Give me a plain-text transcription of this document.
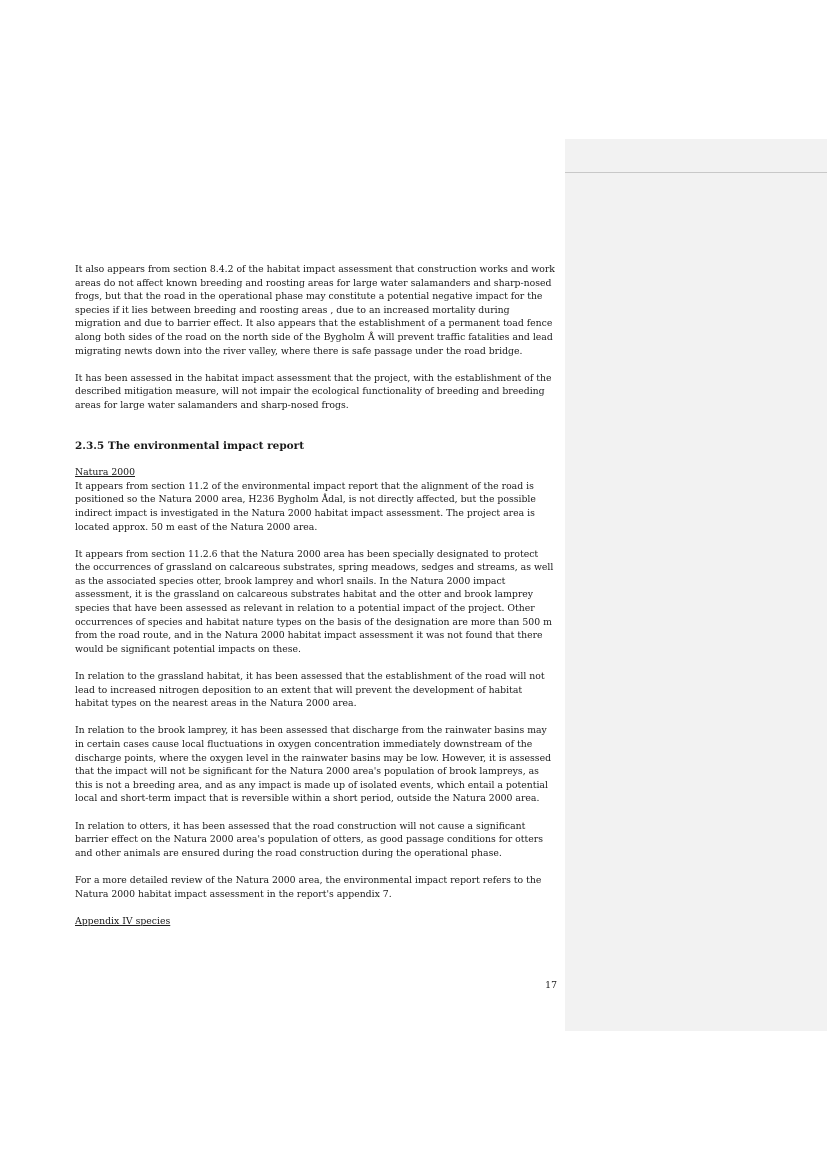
It also appears from section 8.4.2 of the habitat impact assessment that construction works and work areas do not affect known breeding and roosting areas for large water salamanders and sharp-nosed frogs, but that the road in the operational phase may constitute a potential negative impact for the species if it lies between breeding and roosting areas , due to an increased mortality during migration and due to barrier effect. It also appears that the establishment of a permanent toad fence along both sides of the road on the north side of the Bygholm Å will prevent traffic fatalities and lead migrating newts down into the river valley, where there is safe passage under the road bridge.

It has been assessed in the habitat impact assessment that the project, with the establishment of the described mitigation measure, will not impair the ecological functionality of breeding and breeding areas for large water salamanders and sharp-nosed frogs.

2.3.5 The environmental impact report

Natura 2000
It appears from section 11.2 of the environmental impact report that the alignment of the road is positioned so the Natura 2000 area, H236 Bygholm Ådal, is not directly affected, but the possible indirect impact is investigated in the Natura 2000 habitat impact assessment. The project area is located approx. 50 m east of the Natura 2000 area.

It appears from section 11.2.6 that the Natura 2000 area has been specially designated to protect the occurrences of grassland on calcareous substrates, spring meadows, sedges and streams, as well as the associated species otter, brook lamprey and whorl snails. In the Natura 2000 impact assessment, it is the grassland on calcareous substrates habitat and the otter and brook lamprey species that have been assessed as relevant in relation to a potential impact of the project. Other occurrences of species and habitat nature types on the basis of the designation are more than 500 m from the road route, and in the Natura 2000 habitat impact assessment it was not found that there would be significant potential impacts on these.

In relation to the grassland habitat, it has been assessed that the establishment of the road will not lead to increased nitrogen deposition to an extent that will prevent the development of habitat habitat types on the nearest areas in the Natura 2000 area.

In relation to the brook lamprey, it has been assessed that discharge from the rainwater basins may in certain cases cause local fluctuations in oxygen concentration immediately downstream of the discharge points, where the oxygen level in the rainwater basins may be low. However, it is assessed that the impact will not be significant for the Natura 2000 area's population of brook lampreys, as this is not a breeding area, and as any impact is made up of isolated events, which entail a potential local and short-term impact that is reversible within a short period, outside the Natura 2000 area.

In relation to otters, it has been assessed that the road construction will not cause a significant barrier effect on the Natura 2000 area's population of otters, as good passage conditions for otters and other animals are ensured during the road construction during the operational phase.

For a more detailed review of the Natura 2000 area, the environmental impact report refers to the Natura 2000 habitat impact assessment in the report's appendix 7.

Appendix IV species

17
